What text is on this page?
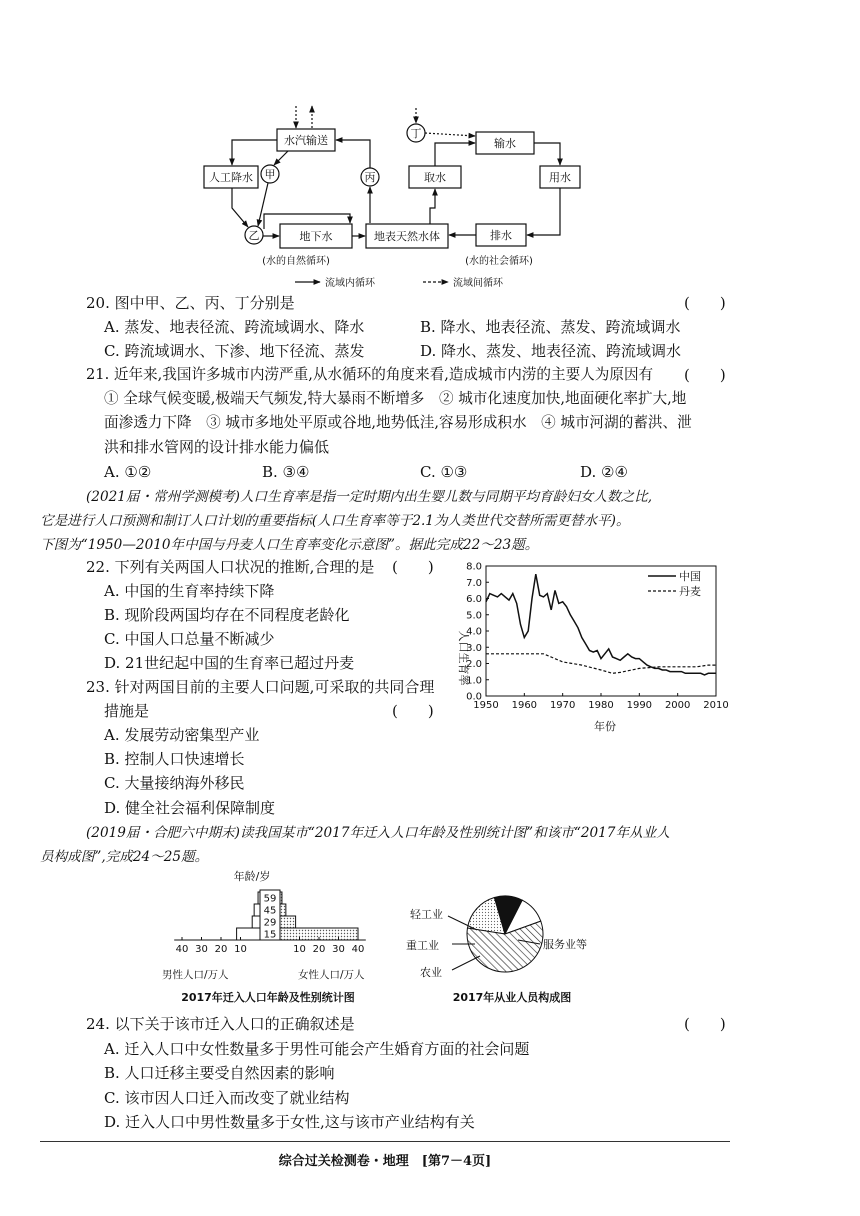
水汽输送
人工降水
地下水	地表天然水体
取水
输水
用水
排水
甲
乙
丙
丁
(水的自然循环)	(水的社会循环)
流域内循环	流域间循环
20. 图中甲、乙、丙、丁分别是	(　　)
A. 蒸发、地表径流、跨流域调水、降水	B. 降水、地表径流、蒸发、跨流域调水
C. 跨流域调水、下渗、地下径流、蒸发	D. 降水、蒸发、地表径流、跨流域调水
21. 近年来,我国许多城市内涝严重,从水循环的角度来看,造成城市内涝的主要人为原因有 (　　)
① 全球气候变暖,极端天气频发,特大暴雨不断增多　② 城市化速度加快,地面硬化率扩大,地
面渗透力下降　③ 城市多地处平原或谷地,地势低洼,容易形成积水　④ 城市河湖的蓄洪、泄
洪和排水管网的设计排水能力偏低
A. ①②	B. ③④	C. ①③	D. ②④
(2021届・常州学测模考)人口生育率是指一定时期内出生婴儿数与同期平均育龄妇女人数之比,
它是进行人口预测和制订人口计划的重要指标(人口生育率等于2.1为人类世代交替所需更替水平)。
下图为“1950—2010年中国与丹麦人口生育率变化示意图”。据此完成22～23题。
22. 下列有关两国人口状况的推断,合理的是 (　　)
A. 中国的生育率持续下降
B. 现阶段两国均存在不同程度老龄化
C. 中国人口总量不断减少
D. 21世纪起中国的生育率已超过丹麦
23. 针对两国目前的主要人口问题,可采取的共同合理
措施是	(　　)
A. 发展劳动密集型产业
B. 控制人口快速增长
C. 大量接纳海外移民
D. 健全社会福利保障制度
0.0
1.0
2.0
3.0
4.0
5.0
6.0
7.0
8.0
1950 1960 1970 1980 1990 2000 2010
人口生育率
年份
中国
丹麦
(2019届・合肥六中期末)读我国某市“2017年迁入人口年龄及性别统计图”和该市“2017年从业人
员构成图”,完成24～25题。
年龄/岁
59
45
29
15
40 30 20 10	10 20 30 40
男性人口/万人	女性人口/万人
2017年迁入人口年龄及性别统计图
轻工业
重工业
农业
服务业等
2017年从业人员构成图
24. 以下关于该市迁入人口的正确叙述是	(　　)
A. 迁入人口中女性数量多于男性可能会产生婚育方面的社会问题
B. 人口迁移主要受自然因素的影响
C. 该市因人口迁入而改变了就业结构
D. 迁入人口中男性数量多于女性,这与该市产业结构有关
综合过关检测卷・地理　[第7－4页]
